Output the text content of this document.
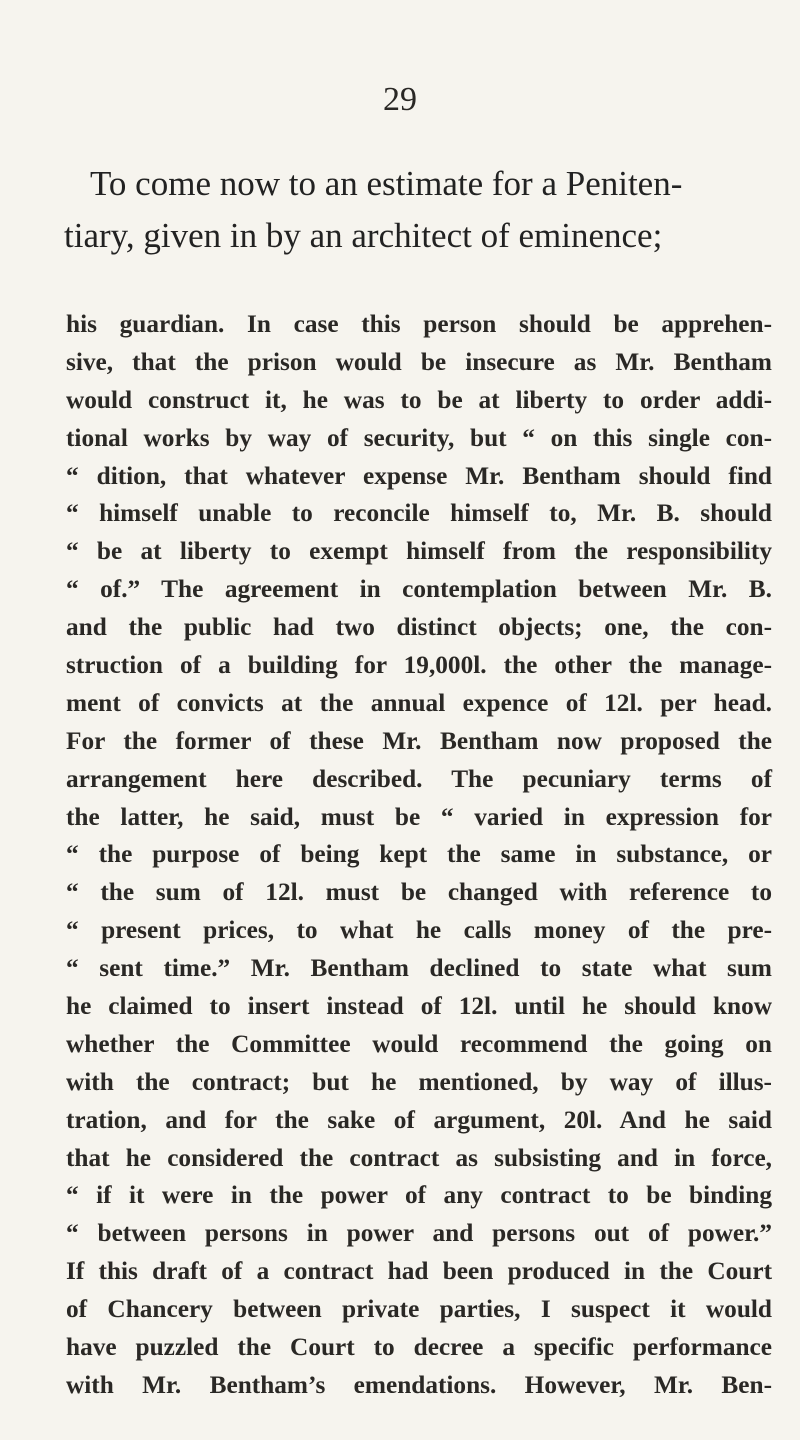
29
To come now to an estimate for a Peniten-
tiary, given in by an architect of eminence;
his guardian. In case this person should be apprehen-
sive, that the prison would be insecure as Mr. Bentham
would construct it, he was to be at liberty to order addi-
tional works by way of security, but “ on this single con-
“ dition, that whatever expense Mr. Bentham should find
“ himself unable to reconcile himself to, Mr. B. should
“ be at liberty to exempt himself from the responsibility
“ of.” The agreement in contemplation between Mr. B.
and the public had two distinct objects; one, the con-
struction of a building for 19,000l. the other the manage-
ment of convicts at the annual expence of 12l. per head.
For the former of these Mr. Bentham now proposed the
arrangement here described. The pecuniary terms of
the latter, he said, must be “ varied in expression for
“ the purpose of being kept the same in substance, or
“ the sum of 12l. must be changed with reference to
“ present prices, to what he calls money of the pre-
“ sent time.” Mr. Bentham declined to state what sum
he claimed to insert instead of 12l. until he should know
whether the Committee would recommend the going on
with the contract; but he mentioned, by way of illus-
tration, and for the sake of argument, 20l. And he said
that he considered the contract as subsisting and in force,
“ if it were in the power of any contract to be binding
“ between persons in power and persons out of power.”
If this draft of a contract had been produced in the Court
of Chancery between private parties, I suspect it would
have puzzled the Court to decree a specific performance
with Mr. Bentham’s emendations. However, Mr. Ben-
